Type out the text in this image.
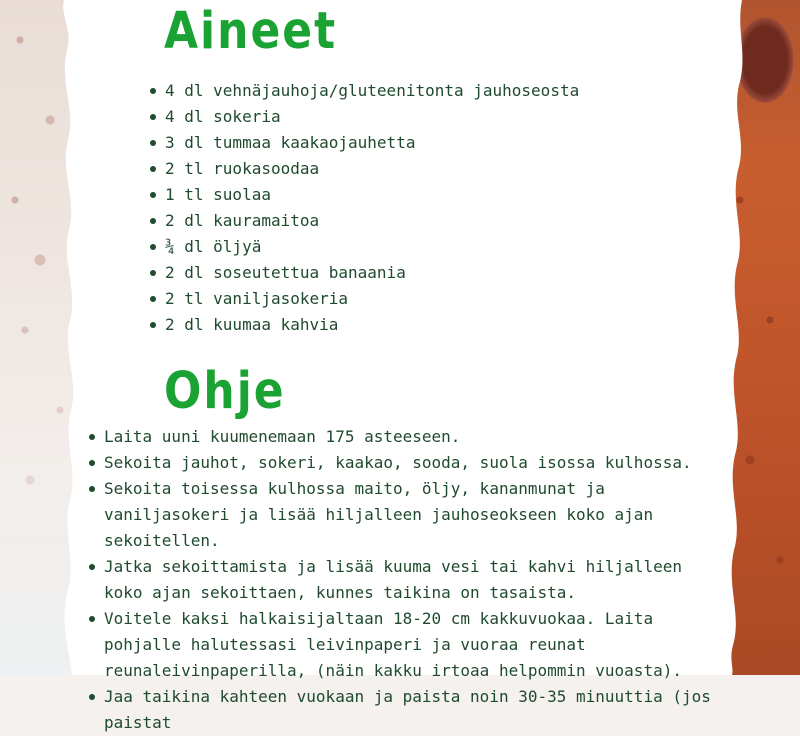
Aineet
4 dl vehnäjauhoja/gluteenitonta jauhoseosta
4 dl sokeria
3 dl tummaa kaakaojauhetta
2 tl ruokasoodaa
1 tl suolaa
2 dl kauramaitoa
¾ dl öljyä
2 dl soseutettua banaania
2 tl vaniljasokeria
2 dl kuumaa kahvia
Ohje
Laita uuni kuumenemaan 175 asteeseen.
Sekoita jauhot, sokeri, kaakao, sooda, suola isossa kulhossa.
Sekoita toisessa kulhossa maito, öljy, kananmunat ja vaniljasokeri ja lisää hiljalleen jauhoseokseen koko ajan sekoitellen.
Jatka sekoittamista ja lisää kuuma vesi tai kahvi hiljalleen koko ajan sekoittaen, kunnes taikina on tasaista.
Voitele kaksi halkaisijaltaan 18-20 cm kakkuvuokaa. Laita pohjalle halutessasi leivinpaperi ja vuoraa reunat reunaleivinpaperilla, (näin kakku irtoaa helpommin vuoasta).
Jaa taikina kahteen vuokaan ja paista noin 30-35 minuuttia (jos paistat
